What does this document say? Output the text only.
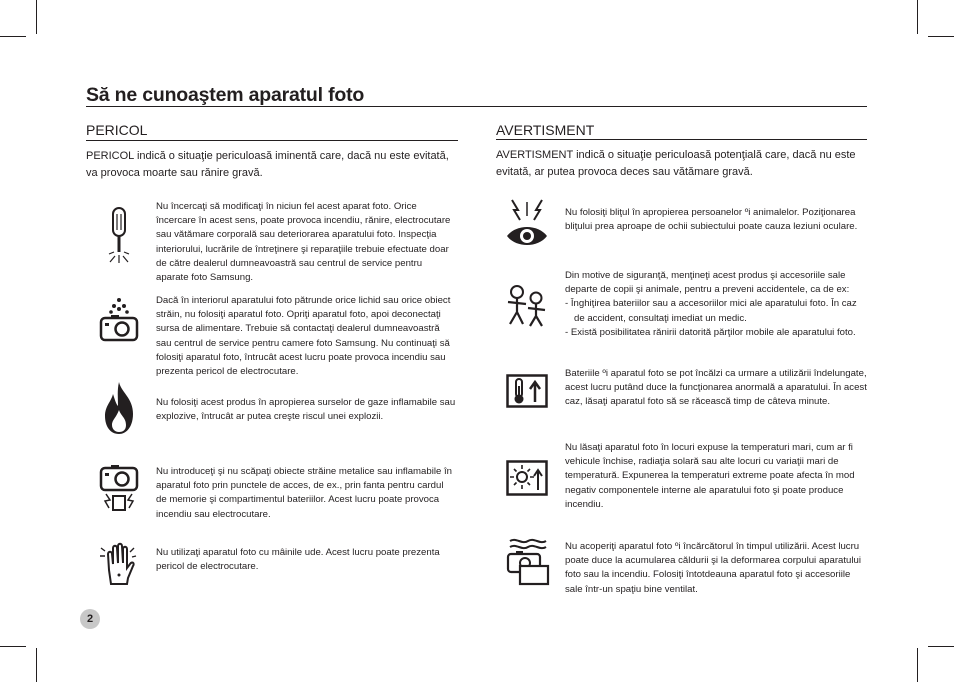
Să ne cunoaştem aparatul foto
PERICOL
PERICOL indică o situaţie periculoasă iminentă care, dacă nu este evitată, va provoca moarte sau rănire gravă.
Nu încercaţi să modificaţi în niciun fel acest aparat foto. Orice încercare în acest sens, poate provoca incendiu, rănire, electrocutare sau vătămare corporală sau deteriorarea aparatului foto. Inspecţia interiorului, lucrările de întreţinere şi reparaţiile trebuie efectuate doar de către dealerul dumneavoastră sau centrul de service pentru aparate foto Samsung.
Dacă în interiorul aparatului foto pătrunde orice lichid sau orice obiect străin, nu folosiţi aparatul foto. Opriţi aparatul foto, apoi deconectaţi sursa de alimentare. Trebuie să contactaţi dealerul dumneavoastră sau centrul de service pentru camere foto Samsung. Nu continuaţi să folosiţi aparatul foto, întrucât acest lucru poate provoca incendiu sau prezenta pericol de electrocutare.
Nu folosiţi acest produs în apropierea surselor de gaze inflamabile sau explozive, întrucât ar putea creşte riscul unei explozii.
Nu introduceţi şi nu scăpaţi obiecte străine metalice sau inflamabile în aparatul foto prin punctele de acces, de ex., prin fanta pentru cardul de memorie şi compartimentul bateriilor. Acest lucru poate provoca incendiu sau electrocutare.
Nu utilizaţi aparatul foto cu mâinile ude. Acest lucru poate prezenta pericol de electrocutare.
AVERTISMENT
AVERTISMENT indică o situaţie periculoasă potenţială care, dacă nu este evitată, ar putea provoca deces sau vătămare gravă.

Nu folosiţi bliţul în apropierea persoanelor ºi animalelor. Poziţionarea bliţului prea aproape de ochii subiectului poate cauza leziuni oculare.

Din motive de siguranţă, menţineţi acest produs şi accesoriile sale departe de copii şi animale, pentru a preveni accidentele, ca de ex:

- Înghiţirea bateriilor sau a accesoriilor mici ale aparatului foto. În caz de accident, consultaţi imediat un medic.

- Există posibilitatea rănirii datorită părţilor mobile ale aparatului foto.

Bateriile ºi aparatul foto se pot încălzi ca urmare a utilizării îndelungate, acest lucru putând duce la funcţionarea anormală a aparatului. În acest caz, lăsaţi aparatul foto să se răcească timp de câteva minute.

Nu lăsaţi aparatul foto în locuri expuse la temperaturi mari, cum ar fi vehicule închise, radiaţia solară sau alte locuri cu variaţii mari de temperatură. Expunerea la temperaturi extreme poate afecta în mod negativ componentele interne ale aparatului foto şi poate produce incendiu.

Nu acoperiţi aparatul foto ºi încărcătorul în timpul utilizării. Acest lucru poate duce la acumularea căldurii şi la deformarea corpului aparatului foto sau la incendiu. Folosiţi întotdeauna aparatul foto şi accesoriile sale într-un spaţiu bine ventilat.

2
